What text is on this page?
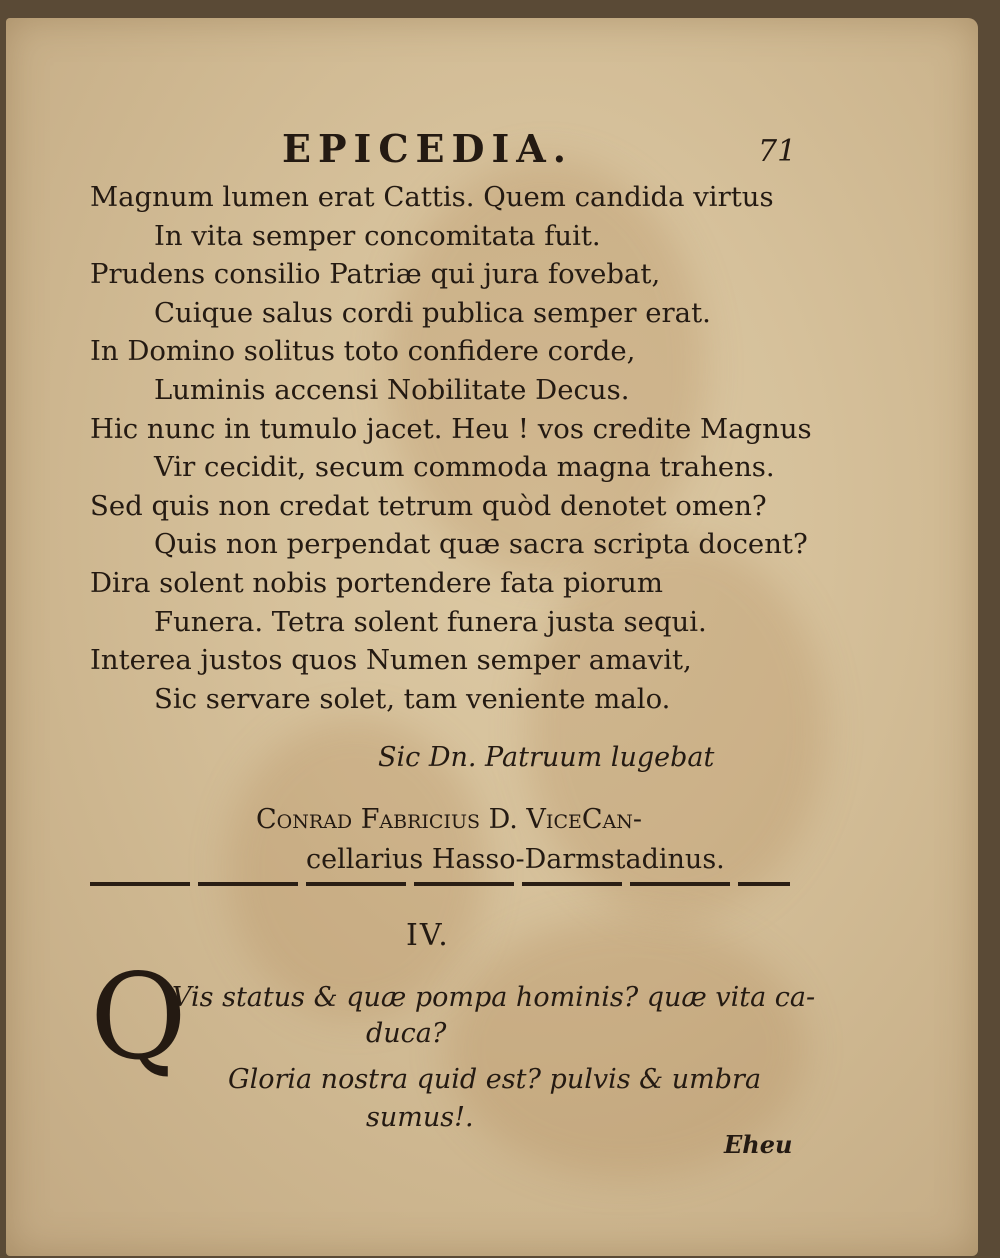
EPICEDIA.	71
Magnum lumen erat Cattis. Quem candida virtus
In vita semper concomitata fuit.
Prudens consilio Patriæ qui jura fovebat,
Cuique salus cordi publica semper erat.
In Domino solitus toto confidere corde,
Luminis accensi Nobilitate Decus.
Hic nunc in tumulo jacet. Heu ! vos credite Magnus
Vir cecidit, secum commoda magna trahens.
Sed quis non credat tetrum quòd denotet omen?
Quis non perpendat quæ sacra scripta docent?
Dira solent nobis portendere fata piorum
Funera. Tetra solent funera justa sequi.
Interea justos quos Numen semper amavit,
Sic servare solet, tam veniente malo.
Sic Dn. Patruum lugebat
Conrad Fabricius D. ViceCan-
cellarius Hasso-Darmstadinus.
IV.
Q
Vis status & quæ pompa hominis? quæ vita ca-
duca?
Gloria nostra quid est? pulvis & umbra
sumus!.
Eheu
